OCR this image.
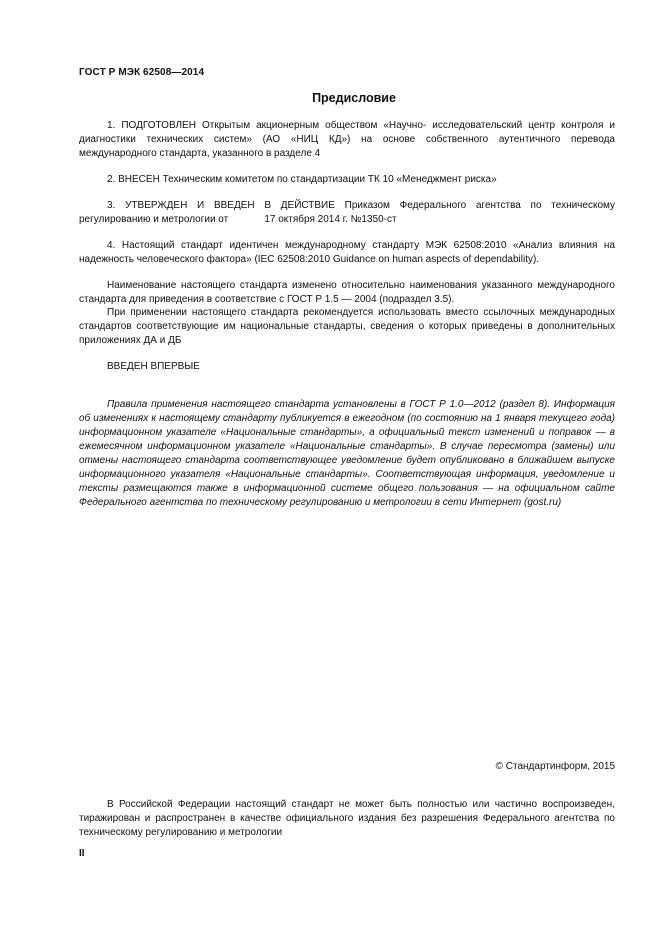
ГОСТ Р МЭК 62508—2014
Предисловие

1. ПОДГОТОВЛЕН Открытым акционерным обществом «Научно- исследовательский центр контроля и диагностики технических систем» (АО «НИЦ КД») на основе собственного аутентичного перевода международного стандарта, указанного в разделе 4

2. ВНЕСЕН Техническим комитетом по стандартизации ТК 10 «Менеджмент риска»

3. УТВЕРЖДЕН И ВВЕДЕН В ДЕЙСТВИЕ Приказом Федерального агентства по техническому регулированию и метрологии от             17 октября 2014 г. №1350-ст

4. Настоящий стандарт идентичен международному стандарту МЭК 62508:2010 «Анализ влияния на надежность человеческого фактора» (IEC 62508:2010 Guidance on human aspects of dependability).

Наименование настоящего стандарта изменено относительно наименования указанного международного стандарта для приведения в соответствие с ГОСТ Р 1.5 — 2004 (подраздел 3.5).

При применении настоящего стандарта рекомендуется использовать вместо ссылочных международных стандартов соответствующие им национальные стандарты, сведения о которых приведены в дополнительных приложениях ДА и ДБ

ВВЕДЕН ВПЕРВЫЕ

Правила применения настоящего стандарта установлены в ГОСТ Р 1.0—2012 (раздел 8). Информация об изменениях к настоящему стандарту публикуется в ежегодном (по состоянию на 1 января текущего года) информационном указателе «Национальные стандарты», а официальный текст изменений и поправок — в ежемесячном информационном указателе «Национальные стандарты». В случае пересмотра (замены) или отмены настоящего стандарта соответствующее уведомление будет опубликовано в ближайшем выпуске информационного указателя «Национальные стандарты». Соответствующая информация, уведомление и тексты размещаются также в информационной системе общего пользования — на официальном сайте Федерального агентства по техническому регулированию и метрологии в сети Интернет (gost.ru)

© Стандартинформ, 2015

В Российской Федерации настоящий стандарт не может быть полностью или частично воспроизведен, тиражирован и распространен в качестве официального издания без разрешения Федерального агентства по техническому регулированию и метрологии

II
